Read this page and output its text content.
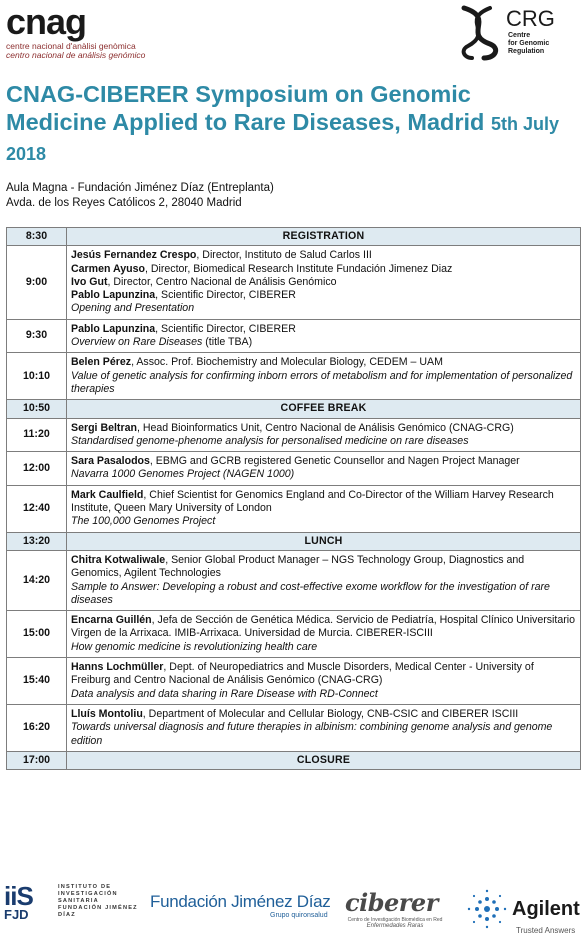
cnag
centre nacional d'anàlisi genòmica
centro nacional de análisis genómico
CRG
Centre
for Genomic
Regulation
CNAG-CIBERER Symposium on Genomic Medicine Applied to Rare Diseases, Madrid 5th July 2018
Aula Magna - Fundación Jiménez Díaz (Entreplanta)
Avda. de los Reyes Católicos 2, 28040 Madrid
8:30	REGISTRATION
9:00	Jesús Fernandez Crespo, Director, Instituto de Salud Carlos III
Carmen Ayuso, Director, Biomedical Research Institute Fundación Jimenez Diaz
Ivo Gut, Director, Centro Nacional de Análisis Genómico
Pablo Lapunzina, Scientific Director, CIBERER
Opening and Presentation

9:30	Pablo Lapunzina, Scientific Director, CIBERER
Overview on Rare Diseases (title TBA)

10:10	Belen Pérez, Assoc. Prof. Biochemistry and Molecular Biology, CEDEM – UAM
Value of genetic analysis for confirming inborn errors of metabolism and for implementation of personalized therapies

10:50	COFFEE BREAK
11:20	Sergi Beltran, Head Bioinformatics Unit, Centro Nacional de Análisis Genómico (CNAG-CRG)
Standardised genome-phenome analysis for personalised medicine on rare diseases

12:00	Sara Pasalodos, EBMG and GCRB registered Genetic Counsellor and Nagen Project Manager
Navarra 1000 Genomes Project (NAGEN 1000)

12:40	Mark Caulfield, Chief Scientist for Genomics England and Co-Director of the William Harvey Research Institute, Queen Mary University of London
The 100,000 Genomes Project

13:20	LUNCH
14:20	Chitra Kotwaliwale, Senior Global Product Manager – NGS Technology Group, Diagnostics and Genomics, Agilent Technologies
Sample to Answer: Developing a robust and cost-effective exome workflow for the investigation of rare diseases

15:00	Encarna Guillén, Jefa de Sección de Genética Médica. Servicio de Pediatría, Hospital Clínico Universitario Virgen de la Arrixaca. IMIB-Arrixaca. Universidad de Murcia. CIBERER-ISCIII
How genomic medicine is revolutionizing health care

15:40	Hanns Lochmüller, Dept. of Neuropediatrics and Muscle Disorders, Medical Center - University of Freiburg and Centro Nacional de Análisis Genómico (CNAG-CRG)
Data analysis and data sharing in Rare Disease with RD-Connect

16:20	Lluís Montoliu, Department of Molecular and Cellular Biology, CNB-CSIC and CIBERER ISCIII
Towards universal diagnosis and future therapies in albinism: combining genome analysis and genome edition

17:00	CLOSURE
iiS
FJD
INSTITUTO DE
INVESTIGACIÓN
SANITARIA
FUNDACIÓN JIMÉNEZ DÍAZ
Fundación Jiménez Díaz
Grupo quironsalud ciberer
Centro de Investigación Biomédica en Red
Enfermedades Raras
Agilent
Trusted Answers
